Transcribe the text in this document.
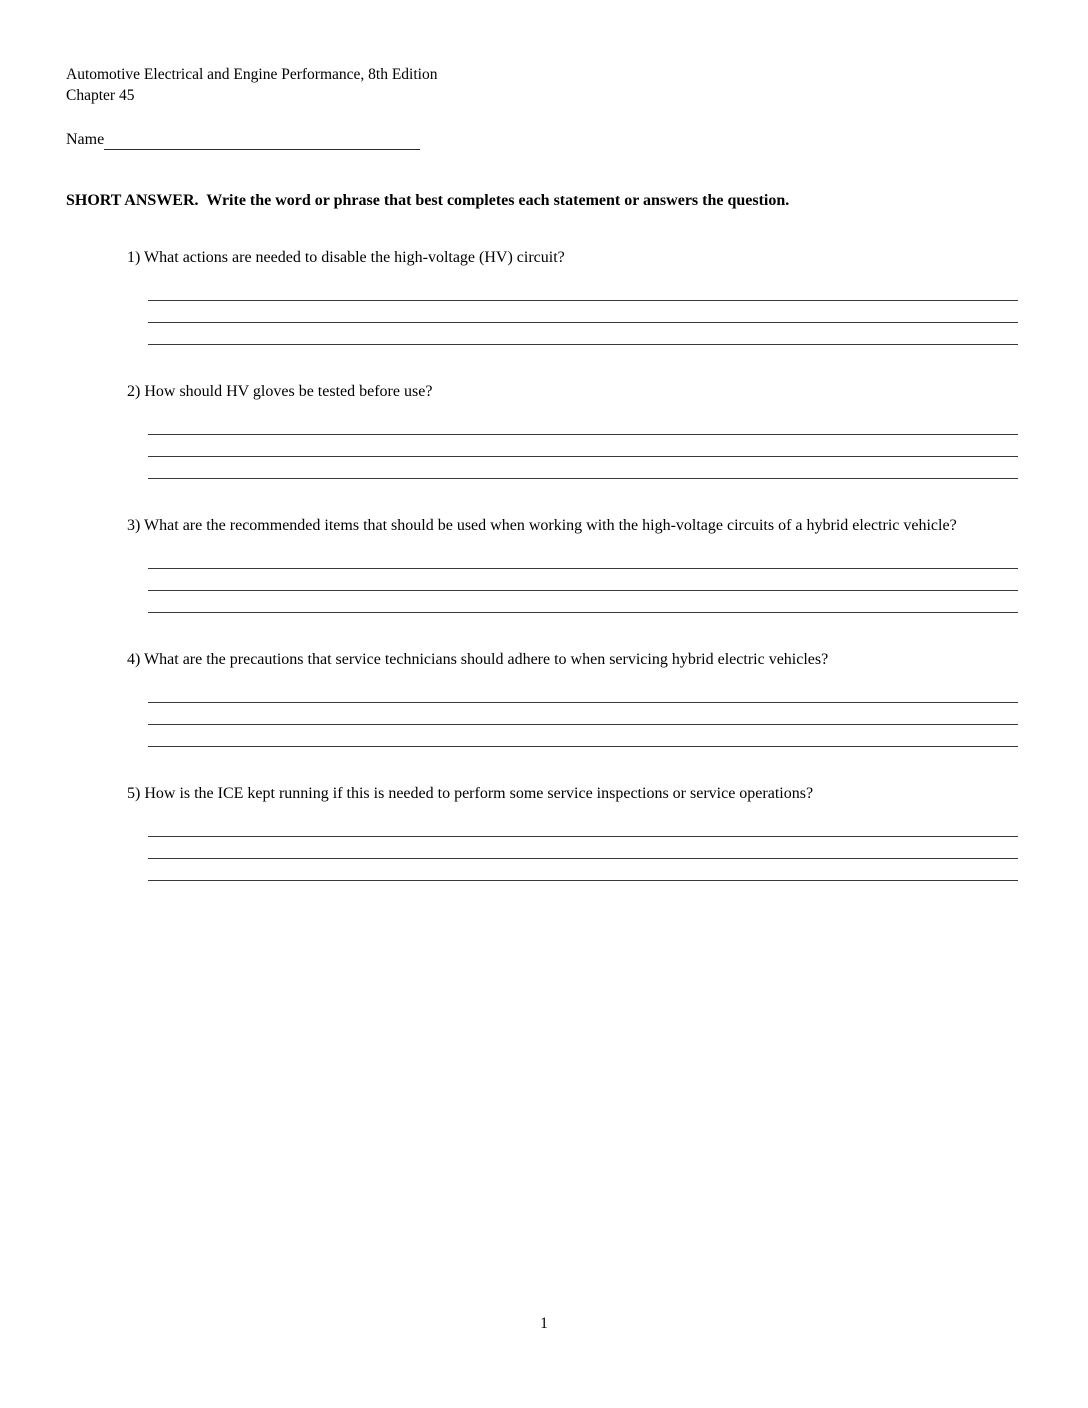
Automotive Electrical and Engine Performance, 8th Edition
Chapter 45
Name
SHORT ANSWER.  Write the word or phrase that best completes each statement or answers the question.
1) What actions are needed to disable the high-voltage (HV) circuit?
2) How should HV gloves be tested before use?
3) What are the recommended items that should be used when working with the high-voltage circuits of a hybrid electric vehicle?
4) What are the precautions that service technicians should adhere to when servicing hybrid electric vehicles?
5) How is the ICE kept running if this is needed to perform some service inspections or service operations?
1
